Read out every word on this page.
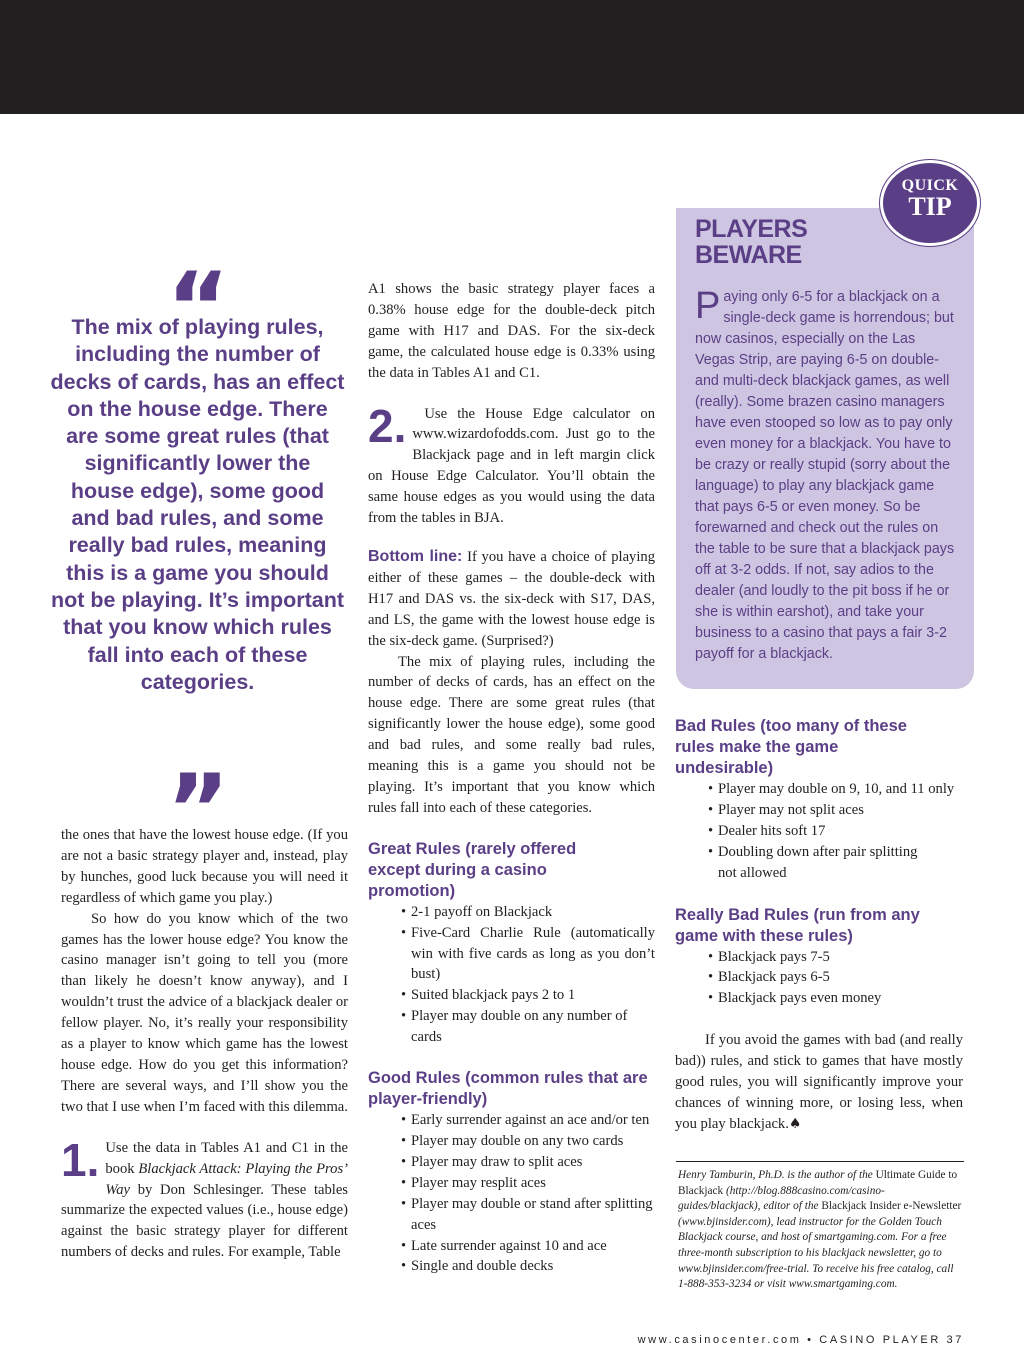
“
The mix of playing rules, including the number of decks of cards, has an effect on the house edge. There are some great rules (that significantly lower the house edge), some good and bad rules, and some really bad rules, meaning this is a game you should not be playing. It’s important that you know which rules fall into each of these categories.
”

the ones that have the lowest house edge. (If you are not a basic strategy player and, instead, play by hunches, good luck because you will need it regardless of which game you play.)

So how do you know which of the two games has the lower house edge? You know the casino manager isn’t going to tell you (more than likely he doesn’t know anyway), and I wouldn’t trust the advice of a blackjack dealer or fellow player. No, it’s really your responsibility as a player to know which game has the lowest house edge. How do you get this information? There are several ways, and I’ll show you the two that I use when I’m faced with this dilemma.

1. Use the data in Tables A1 and C1 in the book Blackjack Attack: Playing the Pros’ Way by Don Schlesinger. These tables summarize the expected values (i.e., house edge) against the basic strategy player for different numbers of decks and rules. For example, Table

A1 shows the basic strategy player faces a 0.38% house edge for the double-deck pitch game with H17 and DAS. For the six-deck game, the calculated house edge is 0.33% using the data in Tables A1 and C1.

2.	Use the House Edge calculator on www.wizardofodds.com. Just go to the Blackjack page and in left margin click on House Edge Calculator. You’ll obtain the same house edges as you would using the data from the tables in BJA.

Bottom line: If you have a choice of playing either of these games – the double-deck with H17 and DAS vs. the six-deck with S17, DAS, and LS, the game with the lowest house edge is the six-deck game. (Surprised?)

The mix of playing rules, including the number of decks of cards, has an effect on the house edge. There are some great rules (that significantly lower the house edge), some good and bad rules, and some really bad rules, meaning this is a game you should not be playing. It’s important that you know which rules fall into each of these categories.

Great Rules (rarely offered except during a casino promotion)
• 2-1 payoff on Blackjack
• Five-Card Charlie Rule (automatically win with five cards as long as you don’t bust)
• Suited blackjack pays 2 to 1
• Player may double on any number of cards
Good Rules (common rules that are player-friendly)
• Early surrender against an ace and/or ten
• Player may double on any two cards
• Player may draw to split aces
• Player may resplit aces
• Player may double or stand after splitting aces
• Late surrender against 10 and ace
• Single and double decks
PLAYERS
BEWARE
Paying only 6-5 for a blackjack on a single-deck game is horrendous; but now casinos, especially on the Las Vegas Strip, are paying 6-5 on double- and multi-deck blackjack games, as well (really). Some brazen casino managers have even stooped so low as to pay only even money for a blackjack. You have to be crazy or really stupid (sorry about the language) to play any blackjack game that pays 6-5 or even money. So be forewarned and check out the rules on the table to be sure that a blackjack pays off at 3-2 odds. If not, say adios to the dealer (and loudly to the pit boss if he or she is within earshot), and take your business to a casino that pays a fair 3-2 payoff for a blackjack.
QUICK
TIP
Bad Rules (too many of these rules make the game undesirable)
• Player may double on 9, 10, and 11 only
• Player may not split aces
• Dealer hits soft 17
• Doubling down after pair splitting not allowed
Really Bad Rules (run from any game with these rules)
• Blackjack pays 7-5
• Blackjack pays 6-5
• Blackjack pays even money

If you avoid the games with bad (and really bad)) rules, and stick to games that have mostly good rules, you will significantly improve your chances of winning more, or losing less, when you play blackjack.♠

Henry Tamburin, Ph.D. is the author of the Ultimate Guide to Blackjack (http://blog.888casino.com/casino-guides/blackjack), editor of the Blackjack Insider e-Newsletter (www.bjinsider.com), lead instructor for the Golden Touch Blackjack course, and host of smartgaming.com. For a free three-month subscription to his blackjack newsletter, go to www.bjinsider.com/free-trial. To receive his free catalog, call 1-888-353-3234 or visit www.smartgaming.com.
www.casinocenter.com • CASINO PLAYER 37
